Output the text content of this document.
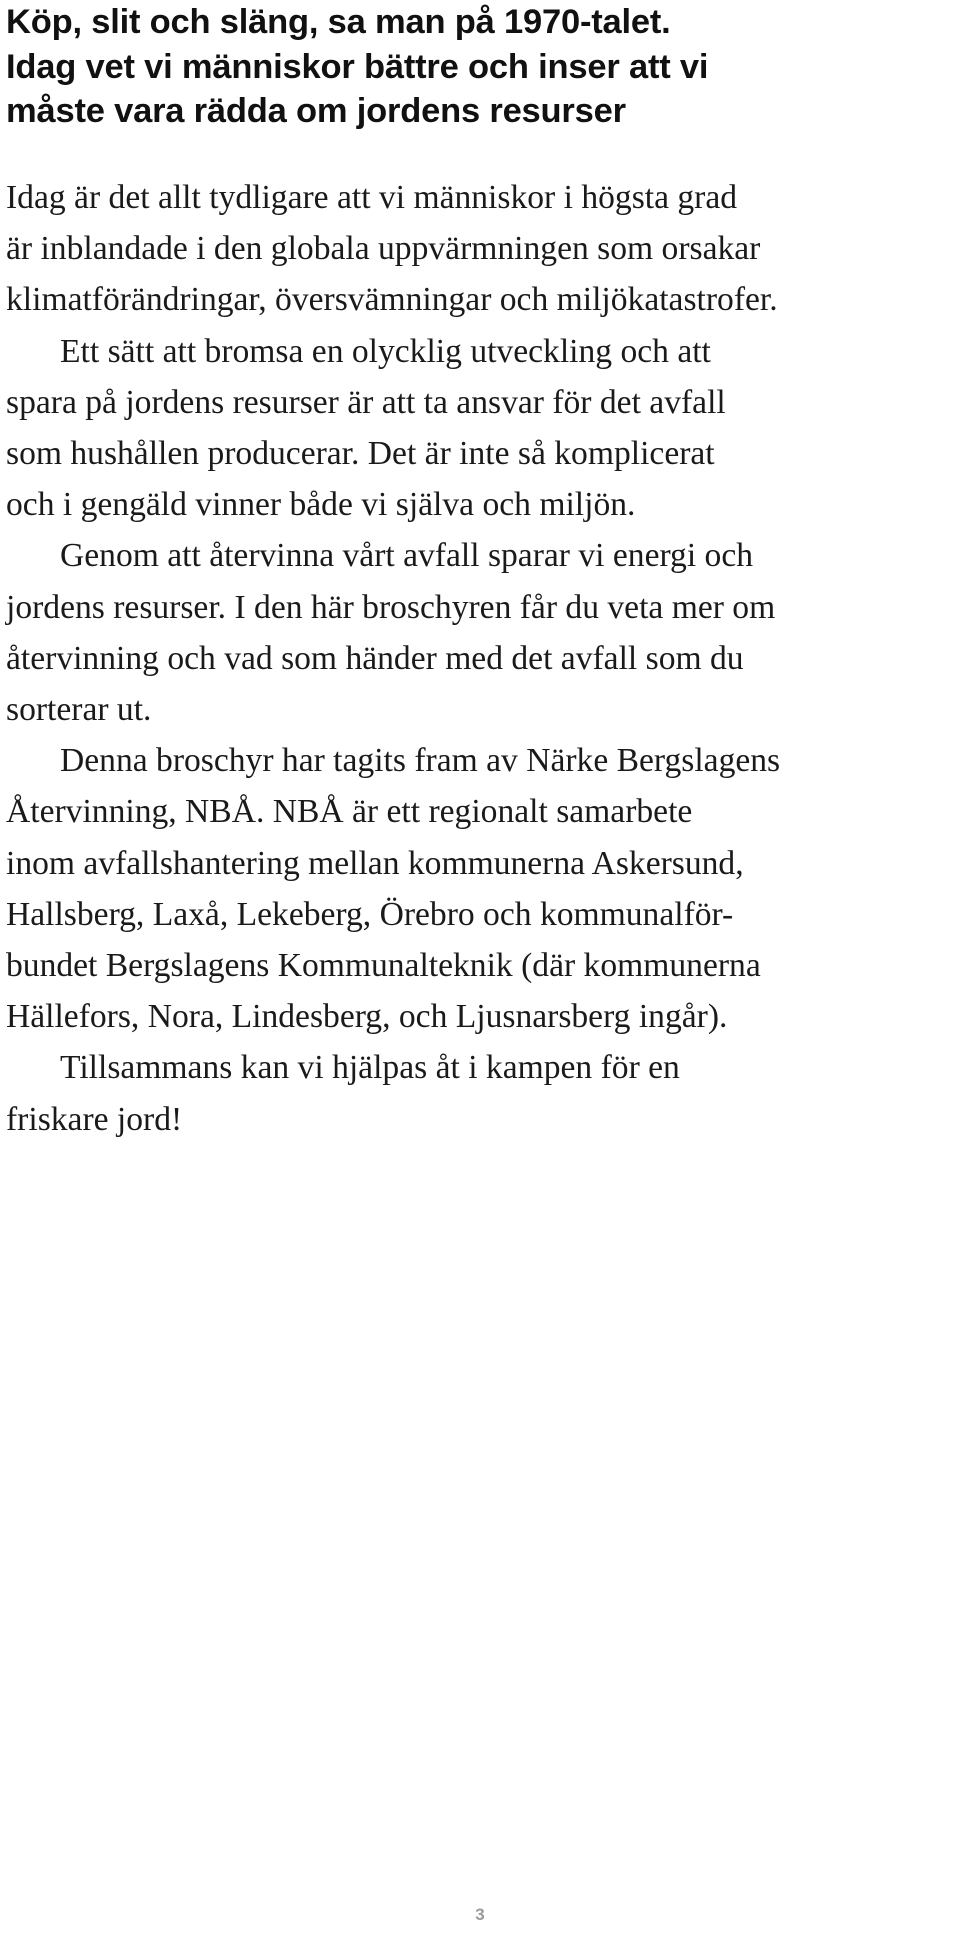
Köp, slit och släng, sa man på 1970-talet.
Idag vet vi människor bättre och inser att vi
måste vara rädda om jordens resurser
Idag är det allt tydligare att vi människor i högsta grad
är inblandade i den globala uppvärmningen som orsakar
klimatförändringar, översvämningar och miljökatastrofer.
Ett sätt att bromsa en olycklig utveckling och att
spara på jordens resurser är att ta ansvar för det avfall
som hushållen producerar. Det är inte så komplicerat
och i gengäld vinner både vi själva och miljön.
Genom att återvinna vårt avfall sparar vi energi och
jordens resurser. I den här broschyren får du veta mer om
återvinning och vad som händer med det avfall som du
sorterar ut.
Denna broschyr har tagits fram av Närke Bergslagens
Återvinning, NBÅ. NBÅ är ett regionalt samarbete
inom avfallshantering mellan kommunerna Askersund,
Hallsberg, Laxå, Lekeberg, Örebro och kommunalför-
bundet Bergslagens Kommunalteknik (där kommunerna
Hällefors, Nora, Lindesberg, och Ljusnarsberg ingår).
Tillsammans kan vi hjälpas åt i kampen för en
friskare jord!
3
